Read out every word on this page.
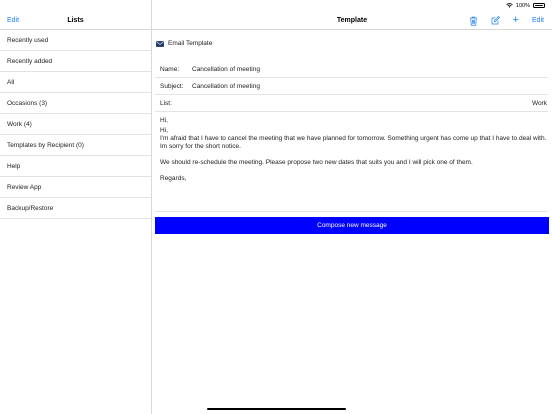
100%
Edit	Lists
Recently used
Recently added
All
Occasions (3)
Work (4)
Templates by Recipient (0)
Help
Review App
Backup/Restore
Template	+ Edit
Email Template
Name:	Cancellation of meeting
Subject:	Cancellation of meeting
List:	Work
Hi,
Hi,
I'm afraid that I have to cancel the meeting that we have planned for tomorrow. Something urgent has come up that I have to deal with. Im sorry for the short notice.
We should re-schedule the meeting. Please propose two new dates that suits you and I will pick one of them.
Regards,
Compose new message
